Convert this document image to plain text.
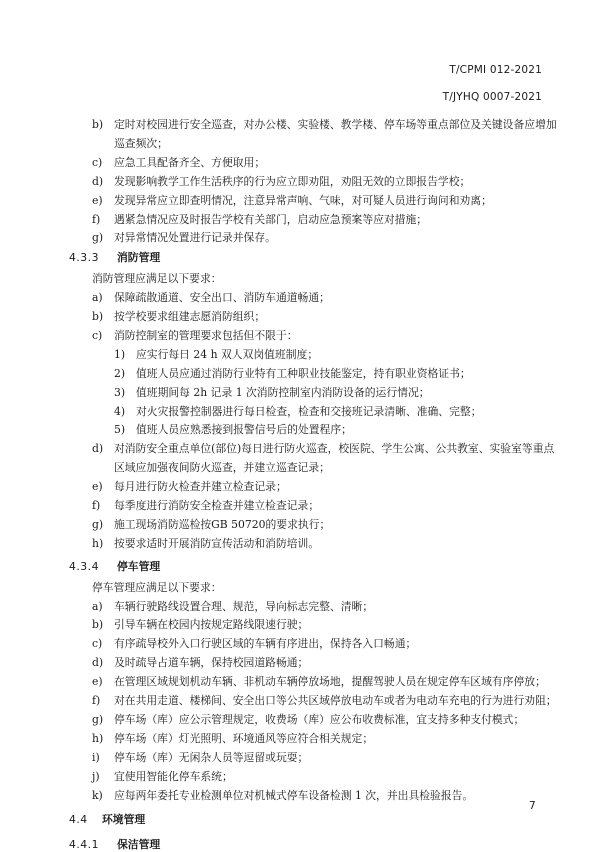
T/CPMI 012-2021
T/JYHQ 0007-2021
b) 定时对校园进行安全巡查，对办公楼、实验楼、教学楼、停车场等重点部位及关键设备应增加
巡查频次；
c) 应急工具配备齐全、方便取用；
d) 发现影响教学工作生活秩序的行为应立即劝阻，劝阻无效的立即报告学校；
e) 发现异常应立即查明情况，注意异常声响、气味，对可疑人员进行询问和劝离；
f) 遇紧急情况应及时报告学校有关部门，启动应急预案等应对措施；
g) 对异常情况处置进行记录并保存。
4.3.3 消防管理
消防管理应满足以下要求：
a) 保障疏散通道、安全出口、消防车通道畅通；
b) 按学校要求组建志愿消防组织；
c) 消防控制室的管理要求包括但不限于：
1) 应实行每日 24 h 双人双岗值班制度；
2) 值班人员应通过消防行业特有工种职业技能鉴定，持有职业资格证书；
3) 值班期间每 2h 记录 1 次消防控制室内消防设备的运行情况；
4) 对火灾报警控制器进行每日检查，检查和交接班记录清晰、准确、完整；
5) 值班人员应熟悉接到报警信号后的处置程序；
d) 对消防安全重点单位(部位)每日进行防火巡查，校医院、学生公寓、公共教室、实验室等重点
区域应加强夜间防火巡查，并建立巡查记录；
e) 每月进行防火检查并建立检查记录；
f) 每季度进行消防安全检查并建立检查记录；
g) 施工现场消防巡检按GB 50720的要求执行；
h) 按要求适时开展消防宣传活动和消防培训。
4.3.4 停车管理
停车管理应满足以下要求：
a) 车辆行驶路线设置合理、规范，导向标志完整、清晰；
b) 引导车辆在校园内按规定路线限速行驶；
c) 有序疏导校外入口行驶区域的车辆有序进出，保持各入口畅通；
d) 及时疏导占道车辆，保持校园道路畅通；
e) 在管理区域规划机动车辆、非机动车辆停放场地，提醒驾驶人员在规定停车区域有序停放；
f) 对在共用走道、楼梯间、安全出口等公共区域停放电动车或者为电动车充电的行为进行劝阻；
g) 停车场（库）应公示管理规定，收费场（库）应公布收费标准，宜支持多种支付模式；
h) 停车场（库）灯光照明、环境通风等应符合相关规定；
i) 停车场（库）无闲杂人员等逗留或玩耍；
j) 宜使用智能化停车系统；
k) 应每两年委托专业检测单位对机械式停车设备检测 1 次，并出具检验报告。
4.4 环境管理
4.4.1 保洁管理
7
